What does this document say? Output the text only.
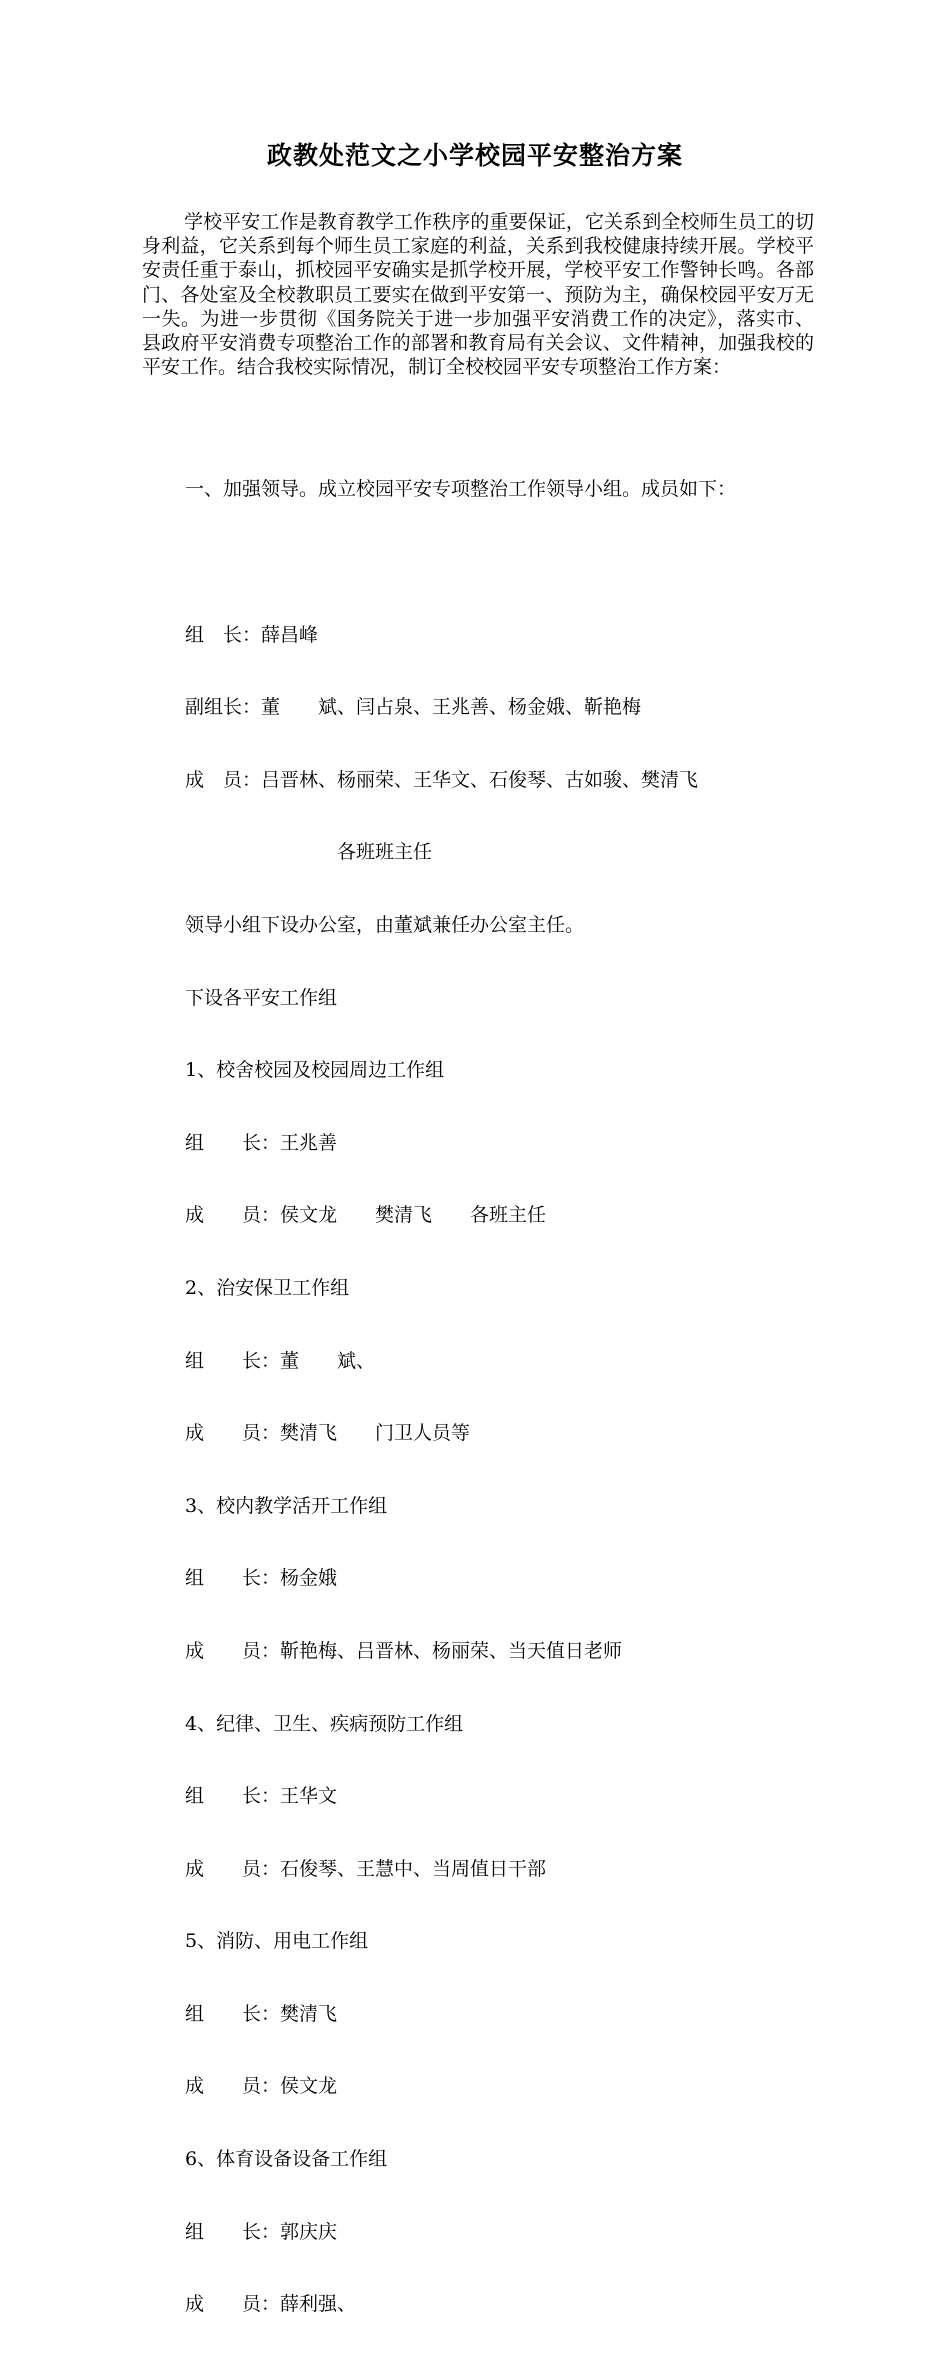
政教处范文之小学校园平安整治方案

学校平安工作是教育教学工作秩序的重要保证，它关系到全校师生员工的切身利益，它关系到每个师生员工家庭的利益，关系到我校健康持续开展。学校平安责任重于泰山，抓校园平安确实是抓学校开展，学校平安工作警钟长鸣。各部门、各处室及全校教职员工要实在做到平安第一、预防为主，确保校园平安万无一失。为进一步贯彻《国务院关于进一步加强平安消费工作的决定》，落实市、县政府平安消费专项整治工作的部署和教育局有关会议、文件精神，加强我校的平安工作。结合我校实际情况，制订全校校园平安专项整治工作方案：

一、加强领导。成立校园平安专项整治工作领导小组。成员如下：

组　长：薛昌峰

副组长：董　　斌、闫占泉、王兆善、杨金娥、靳艳梅

成　员：吕晋林、杨丽荣、王华文、石俊琴、古如骏、樊清飞

各班班主任

领导小组下设办公室，由董斌兼任办公室主任。

下设各平安工作组

1、校舍校园及校园周边工作组

组　　长：王兆善

成　　员：侯文龙　　樊清飞　　各班主任

2、治安保卫工作组

组　　长：董　　斌、

成　　员：樊清飞　　门卫人员等

3、校内教学活开工作组

组　　长：杨金娥

成　　员：靳艳梅、吕晋林、杨丽荣、当天值日老师

4、纪律、卫生、疾病预防工作组

组　　长：王华文

成　　员：石俊琴、王慧中、当周值日干部

5、消防、用电工作组

组　　长：樊清飞

成　　员：侯文龙

6、体育设备设备工作组

组　　长：郭庆庆

成　　员：薛利强、
